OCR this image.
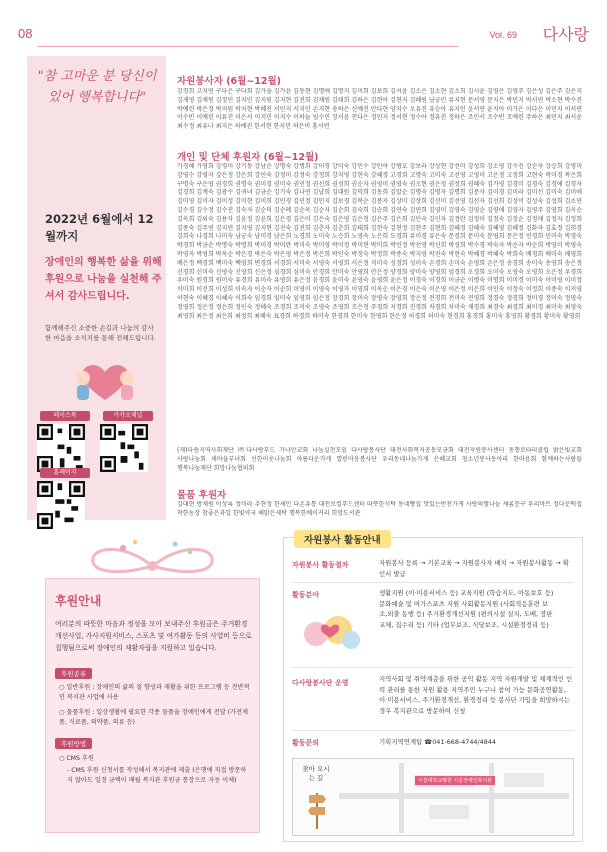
08	Vol. 69 다사랑
"참 고마운 분 당신이 있어 행복합니다"
2022년 6월에서 12월까지
장애인의 행복한 삶을 위해 후원으로 나눔을 실천해 주셔서 감사드립니다.
함께해주신 소중한 손길과 나눔의 감사한 마음을 소식지를 통해 전해드립니다.
페이스북	카카오채널
홈페이지
자원봉사자 (6월~12월)
강경희 고지연 구다은 구다회 김가을 김가윤 김동현 김명애 김명지 김미희 김보희 김서윤 김소은 김소현 김소희 김시윤 김영은 김영주 김은성 김은주 김은지 김재영 김재원 김정민 김지민 김지원 김지현 김진희 김채원 김태희 김하은 김현아 김현지 김혜원 남궁민 류지현 문서영 문지은 박민지 박서연 박소현 박수진 박예린 박은정 박지원 박지현 박혜진 서민지 서지민 손지현 송하은 신예진 안다현 양지수 오유진 유승아 유지민 윤서연 윤지아 이가은 이다은 이민지 이서연 이수빈 이예린 이유진 이은서 이지민 이지수 이하늘 임수민 장서윤 전다은 정민지 정서현 정수아 정유진 정하은 조민서 조수빈 조예린 주하은 최민지 최서윤 최수정 최유나 최지은 하예진 한서현 한지민 허은비 홍서연
개인 및 단체 후원자 (6월~12월)
가경혜 가영희 강경미 강기동 강남순 강명숙 강명희 강미경 강미숙 강민수 강민아 강병호 강보라 강상현 강선미 강성희 강소영 강수진 강순자 강승희 강영미 강영수 강영자 강은정 강은희 강인숙 강정미 강정숙 강정희 강지영 강현숙 강혜경 고경희 고명숙 고미숙 고선영 고영미 고은정 고정희 고현숙 곽미경 곽은희 구명숙 구은영 권경희 권명숙 권미경 권미숙 권민정 권선희 권성희 권순자 권영미 권영숙 권오현 권은정 권정희 권혜숙 김가영 김경미 김경숙 김경애 김경자 김경희 김계숙 김광수 김귀녀 김금순 김기숙 김나연 김남희 김대원 김덕희 김동희 김말순 김명숙 김명자 김명희 김문자 김미경 김미라 김미선 김미숙 김미애 김미영 김미자 김미정 김미현 김미희 김민경 김민정 김민지 김보경 김복순 김봉자 김상미 김상희 김선미 김선영 김선자 김선희 김성미 김성숙 김성희 김소연 김수경 김수정 김수진 김숙자 김순덕 김순례 김순옥 김순자 김순희 김숙희 김승희 김연숙 김연희 김영미 김영숙 김영순 김영애 김영자 김영주 김영희 김옥순 김옥희 김외숙 김용자 김윤정 김윤희 김은경 김은미 김은숙 김은영 김은정 김은주 김은희 김인숙 김인자 김정란 김정미 김정숙 김정순 김정애 김정자 김정희 김종숙 김주연 김지연 김지영 김지현 김진숙 김진희 김춘자 김춘희 김태희 김현숙 김현정 김현주 김현희 김혜경 김혜숙 김혜영 김혜정 김화자 김효정 김희경 김희숙 나경희 나미숙 남궁숙 남미경 남은희 노경희 노미숙 노승희 노영숙 노은희 도경희 류미경 류은숙 문경희 문미숙 문영희 문은정 민경희 민미숙 박경숙 박경희 박금순 박명숙 박명희 박미경 박미란 박미숙 박미영 박미정 박미현 박미희 박민정 박선영 박선희 박성희 박수경 박숙자 박순자 박순희 박영미 박영숙 박영자 박영희 박옥순 박은경 박은숙 박은영 박은정 박은희 박인숙 박정숙 박정희 박종숙 박지영 박진숙 박현숙 박혜경 박혜숙 박희숙 배경희 배미숙 배영희 배은정 백경희 백미숙 백영희 변경희 서경희 서미숙 서영숙 서영희 서은정 석미숙 성경희 성미숙 손경희 손미숙 손영희 손은정 송경희 송미숙 송영희 송은정 신경희 신미숙 신영숙 신영희 신은정 심경희 심미숙 안경희 안미숙 안영희 안은정 양경희 양미숙 양영희 엄경희 오경희 오미숙 오영숙 오영희 오은정 우경희 우미숙 원경희 원미숙 유경희 유미숙 유영희 유은정 윤경희 윤미숙 윤영숙 윤영희 윤은정 이경숙 이경희 이금순 이명숙 이명희 이미경 이미숙 이미영 이미정 이미희 이선희 이성희 이숙자 이순자 이순희 이영미 이영숙 이영자 이영희 이옥순 이은경 이은숙 이은영 이은정 이은희 이인숙 이정숙 이정희 이종숙 이지영 이현숙 이혜경 이혜숙 이희숙 임경희 임미숙 임영희 임은정 장경희 장미숙 장영숙 장영희 장은정 전경희 전미숙 전영희 정경숙 정경희 정미경 정미숙 정영숙 정영희 정은정 정은희 정인숙 정혜숙 조경희 조미숙 조영숙 조영희 조은정 주경희 지경희 진경희 차경희 차미숙 채경희 최경숙 최경희 최미경 최미숙 최영숙 최영희 최은정 최은희 최정희 최혜숙 표경희 하경희 하미숙 한경희 한미숙 한영희 한은정 허경희 허미숙 현경희 홍경희 홍미숙 홍영희 황경희 황미숙 황영희
(재)다솜지역사회재단 ㈜다사랑푸드 가나안교회 나눔실천모임 다사랑봉사단 대전사회복지공동모금회 대전자원봉사센터 동행로타리클럽 밝은빛교회 사랑나눔회 새마을부녀회 선한이웃나눔회 아름다운가게 열린마음봉사단 우리동네나눔가게 은혜교회 청소년봉사동아리 한마음회 함께하는사람들 행복나눔재단 희망나눔협의회
물품 후원자
김대현 방재원 이상록 정미라 추현정 한세민 다온유통 대전로컬푸드센터 따뜻한식탁 동네빵집 맛있는반찬가게 사랑의쌀나눔 새롬문구 우리마트 정다운떡집 착한농장 참좋은과일 한빛약국 해맑은세탁 행복한베이커리 희망도서관
후원안내
여러분의 따뜻한 마음과 정성을 모아 보내주신 후원금은 주거환경개선사업, 가사지원서비스, 스포츠 및 여가활동 등의 사업비 등으로 집행됨으로써 장애인의 재활자립을 지원하고 있습니다.
후원종류
○ 일반후원 : 장애인의 삶의 질 향상과 재활을 위한 프로그램 등 전반적인 복지관 사업에 사용
○ 물품후원 : 일상생활에 필요한 각종 물품을 장애인에게 전달 (가전제품, 식료품, 의약품, 의류 등)
후원방법
○ CMS 후원
- CMS 후원 신청서를 작성해서 복지관에 제출 (은행에 직접 방문하지 않아도 일정 금액이 매월 복지관 후원금 통장으로 자동 이체)
자원봉사 활동안내
자원봉사 활동절차	자원봉사 등록 → 기본교육 → 자원봉사자 배치 → 자원봉사활동 → 확인서 발급
활동분야	생활지원 (이·미용서비스 등) 교육지원 (학습지도, 아동보호 등) 문화예술 및 여가스포츠 지원 사회활동지원 (사회적응훈련 보조,외출 동행 등) 주거환경개선지원 (편의시설 설치, 도배, 장판교체, 집수리 등) 기타 (업무보조, 식당보조, 시설환경정리 등)
다사랑봉사단 운영	지역사회 및 취약계층을 위한 공익 활동 지역 자원개발 및 체계적인 인력 관리를 통한 자원 활용 지역주민 누구나 참여 가능 문화공연활동, 이·미용서비스, 주거환경개선, 환경정리 등 봉사단 가입을 희망하시는 경우 복지관으로 방문하여 신청
활동문의	기획지역연계팀 ☎041-668-4744/4844
찾아 오시는 길	서울대학교병원 서울장애인복지관
